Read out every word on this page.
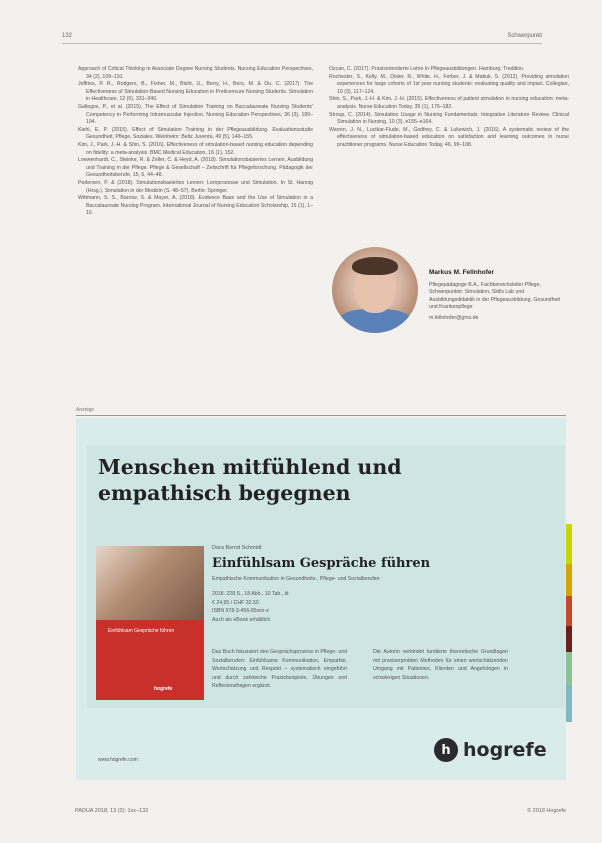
132	Schwerpunkt

Approach of Critical Thinking in Associate Degree Nursing Students. Nursing Education Perspectives, 34 (2), 109–110.

Jeffries, P. R., Rodgers, B., Fisher, M., Bisht, U., Berry, H., Bers, M. & Ou, C. (2017). The Effectiveness of Simulation-Based Nursing Education in Prelicensure Nursing Students. Simulation in Healthcare, 12 (6), 331–340.

Gallegos, P., et al. (2015). The Effect of Simulation Training on Baccalaureate Nursing Students' Competency in Performing Intramuscular Injection. Nursing Education Perspectives, 36 (3), 189–194.

Kiehl, E. P. (2015). Effect of Simulation Training in der Pflegeausbildung. Evaluationsstudie Gesundheit, Pflege, Soziales. Weinheim: Beltz Juventa, 49 (5), 146–155.

Kim, J., Park, J.-H. & Shin, S. (2016). Effectiveness of simulation-based nursing education depending on fidelity: a meta-analysis. BMC Medical Education, 16 (1), 152.

Loewenhardt, C., Steinke, R. & Zeller, C. & Heyd, A. (2018). Simulationsbasiertes Lernen, Ausbildung und Training in der Pflege. Pflege & Gesellschaft – Zeitschrift für Pflegeforschung. Pädagogik der Gesundheitsberufe, 15, 6, 44–48.

Pedersen, P. & (2018). Simulationsbasiertes Lernen: Lernprozesse und Simulation. In St. Hannig (Hrsg.), Simulation in der Medizin (S. 48–57). Berlin: Springer.

Wittmann, S. S., Barrow, S. & Mayer, A. (2018). Evidence Base and the Use of Simulation in a Baccalaureate Nursing Program. International Journal of Nursing Education Scholarship, 15 (1), 1–16.

Ozcan, C. (2017). Praxisorientierte Lehre in Pflegeausbildungen. Hamburg: Tredition.

Rochester, S., Kelly, M., Disler, R., White, H., Forber, J. & Matiuk, S. (2012). Providing simulation experiences for large cohorts of 1st year nursing students: evaluating quality and impact. Collegian, 19 (3), 117–124.

Shin, S., Park, J.-H. & Kim, J.-H. (2015). Effectiveness of patient simulation in nursing education: meta-analysis. Nurse Education Today, 35 (1), 176–182.

Stroup, C. (2014). Simulation Usage in Nursing Fundamentals: Integrative Literature Review. Clinical Simulation in Nursing, 10 (3), e155–e164.

Warren, J. N., Luctkar-Flude, M., Godfrey, C. & Lukewich, J. (2016). A systematic review of the effectiveness of simulation-based education on satisfaction and learning outcomes in nurse practitioner programs. Nurse Education Today, 46, 99–108.

Markus M. Fellnhofer
Pflegepädagoge B.A., Fachbereichsleiter Pflege, Schwerpunkte: Simulation, Skills Lab und Ausbildungsdidaktik in der Pflegeausbildung, Gesundheit und Krankenpflege
m.fellnhofer@gmx.de
Anzeige
Menschen mitfühlend und empathisch begegnen
Einfühlsam Gespräche führen
hogrefe
Dora Bernd Schmidt
Einfühlsam Gespräche führen
Empathische Kommunikation in Gesundheits-, Pflege- und Sozialberufen
2018. 228 S., 18 Abb., 10 Tab., kt
€ 24,95 / CHF 32.50
ISBN 978-3-456-85xxx-x
Auch als eBook erhältlich
Das Buch fokussiert den Gesprächsprozess in Pflege- und Sozialberufen: Einfühlsame Kommunikation, Empathie, Wertschätzung und Respekt – systematisch eingeführt und durch zahlreiche Praxisbeispiele, Übungen und Reflexionsfragen ergänzt.
Die Autorin verbindet fundierte theoretische Grundlagen mit praxiserprobten Methoden für einen wertschätzenden Umgang mit Patienten, Klienten und Angehörigen in schwierigen Situationen.
h hogrefe
www.hogrefe.com
PADUA 2018; 13 (2): 1xx–132	© 2018 Hogrefe
